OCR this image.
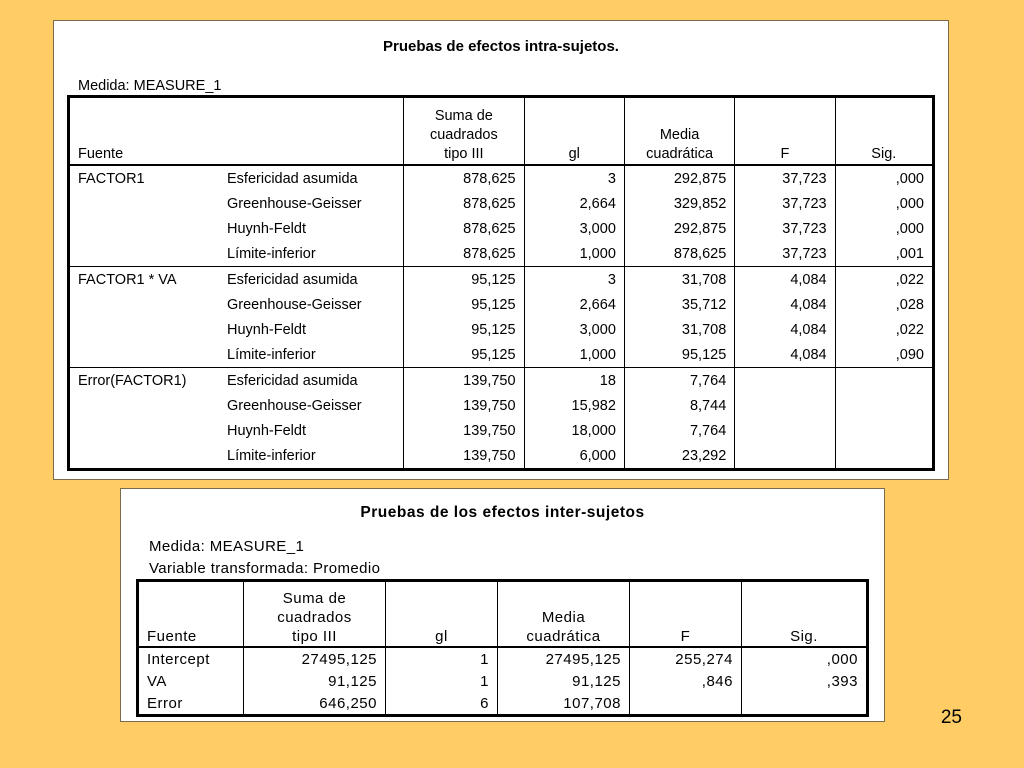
Pruebas de efectos intra-sujetos.
Medida: MEASURE_1
Fuente		Suma de
cuadrados
tipo III	gl	Media
cuadrática	F	Sig.
FACTOR1	Esfericidad asumida	878,625	3	292,875	37,723	,000
	Greenhouse-Geisser	878,625	2,664	329,852	37,723	,000
	Huynh-Feldt	878,625	3,000	292,875	37,723	,000
	Límite-inferior	878,625	1,000	878,625	37,723	,001
FACTOR1 * VA	Esfericidad asumida	95,125	3	31,708	4,084	,022
	Greenhouse-Geisser	95,125	2,664	35,712	4,084	,028
	Huynh-Feldt	95,125	3,000	31,708	4,084	,022
	Límite-inferior	95,125	1,000	95,125	4,084	,090
Error(FACTOR1)	Esfericidad asumida	139,750	18	7,764		
	Greenhouse-Geisser	139,750	15,982	8,744		
	Huynh-Feldt	139,750	18,000	7,764		
	Límite-inferior	139,750	6,000	23,292		
Pruebas de los efectos inter-sujetos
Medida: MEASURE_1
Variable transformada: Promedio
Fuente	Suma de
cuadrados
tipo III	gl	Media
cuadrática	F	Sig.
Intercept	27495,125	1	27495,125	255,274	,000
VA	91,125	1	91,125	,846	,393
Error	646,250	6	107,708		
25
